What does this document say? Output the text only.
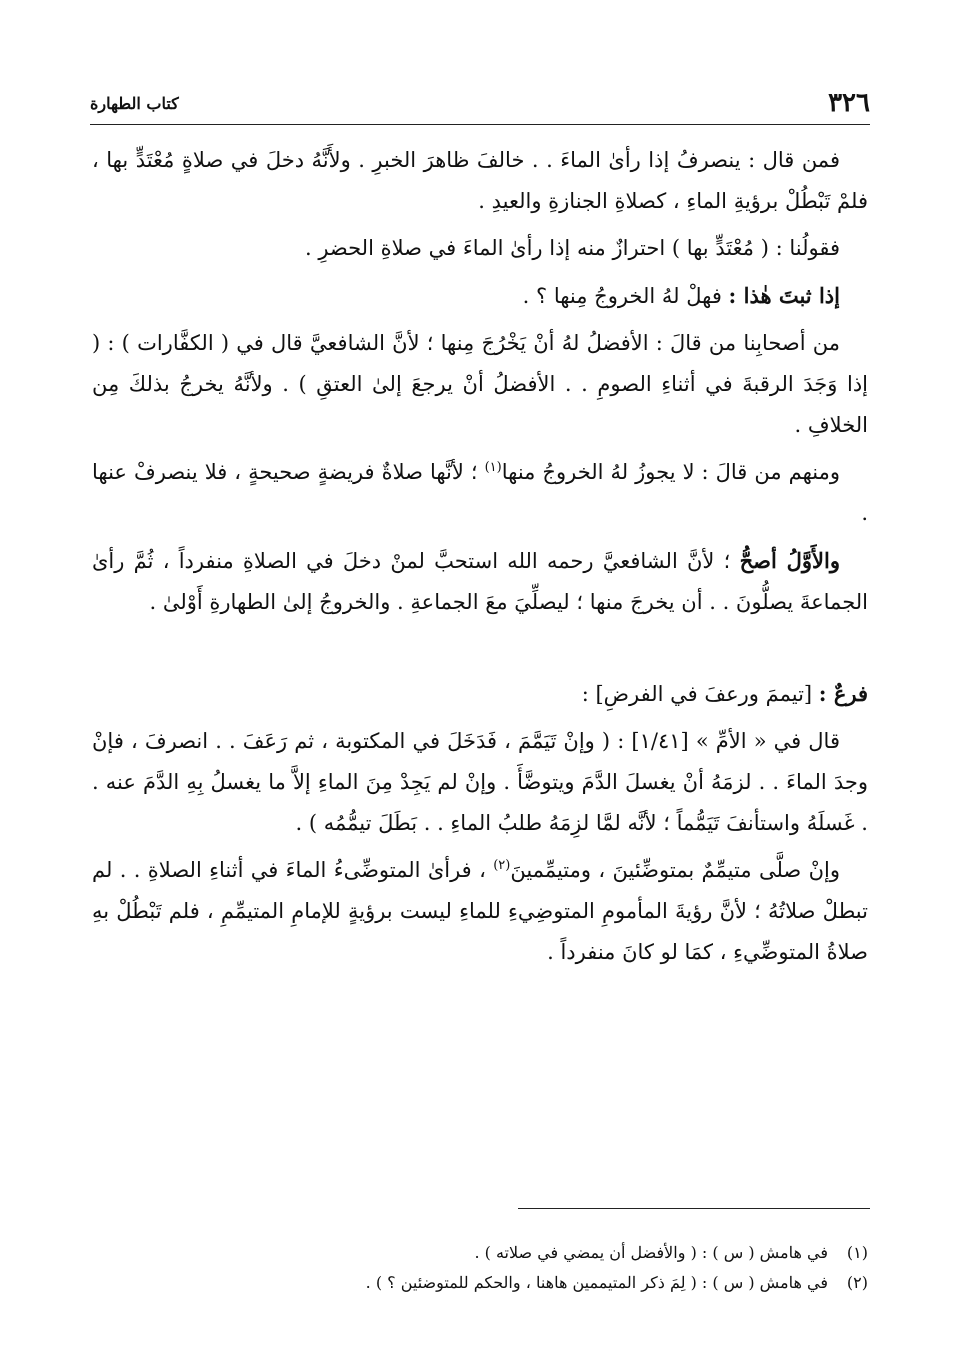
٣٢٦
كتاب الطهارة

فمن قال : ينصرفُ إذا رأىٰ الماءَ . . خالفَ ظاهرَ الخبرِ . ولأَنَّهُ دخلَ في صلاةٍ مُعْتَدٍّ بها ، فلمْ تَبْطُلْ برؤيةِ الماءِ ، كصلاةِ الجنازةِ والعيدِ .

فقولُنا : ( مُعْتَدٍّ بها ) احترازٌ منه إذا رأىٰ الماءَ في صلاةِ الحضرِ .

إذا ثبتَ هٰذا : فهلْ لهُ الخروجُ مِنها ؟ .

من أصحابِنا من قالَ : الأفضلُ لهُ أنْ يَخْرُجَ مِنها ؛ لأنَّ الشافعيَّ قال في ( الكفَّارات ) : ( إذا وَجَدَ الرقبةَ في أثناءِ الصومِ . . الأفضلُ أنْ يرجعَ إلىٰ العتقِ ) . ولأنَّهُ يخرجُ بذلكَ مِن الخلافِ .

ومنهم من قالَ : لا يجوزُ لهُ الخروجُ منها$^{(١)}$ ؛ لأنَّها صلاةٌ فريضةٍ صحيحةٍ ، فلا ينصرفْ عنها .

والأَوَّلُ أصحُّ ؛ لأنَّ الشافعيَّ رحمه الله استحبَّ لمنْ دخلَ في الصلاةِ منفرداً ، ثُمَّ رأىٰ الجماعةَ يصلُّونَ . . أن يخرجَ منها ؛ ليصلِّيَ معَ الجماعةِ . والخروجُ إلىٰ الطهارةِ أَوْلىٰ .

فرعٌ : [تيممَ ورعفَ في الفرضِ] :

قال في « الأمِّ » [١/٤١] : ( وإنْ تَيَمَّمَ ، فَدَخَلَ في المكتوبة ، ثم رَعَفَ . . انصرفَ ، فإنْ وجدَ الماءَ . . لزمَهُ أنْ يغسلَ الدَّمَ ويتوضَّأَ . وإنْ لم يَجِدْ مِنَ الماءِ إلاَّ ما يغسلُ بِهِ الدَّمَ عنه . . غَسلَهُ واستأنفَ تَيَمُّماً ؛ لأنَّه لمَّا لزِمَهُ طلبُ الماءِ . . بَطَلَ تيمُّمُه ) .

وإنْ صلَّى متيمِّمٌ بمتوضِّئينَ ، ومتيمِّمينَ$^{(٢)}$ ، فرأىٰ المتوضِّىءُ الماءَ في أثناءِ الصلاةِ . . لم تبطلْ صلاتُهُ ؛ لأنَّ رؤيةَ المأمومِ المتوضِيءِ للماءِ ليست برؤيةٍ للإمامِ المتيمِّمِ ، فلم تَبْطُلْ بهِ صلاةُ المتوضِّيءِ ، كمَا لو كانَ منفرداً .

(١)في هامش ( س ) : ( والأفضل أن يمضي في صلاته ) .

(٢)في هامش ( س ) : ( لِمَ ذكر المتيممين هاهنا ، والحكم للمتوضئين ؟ ) .
